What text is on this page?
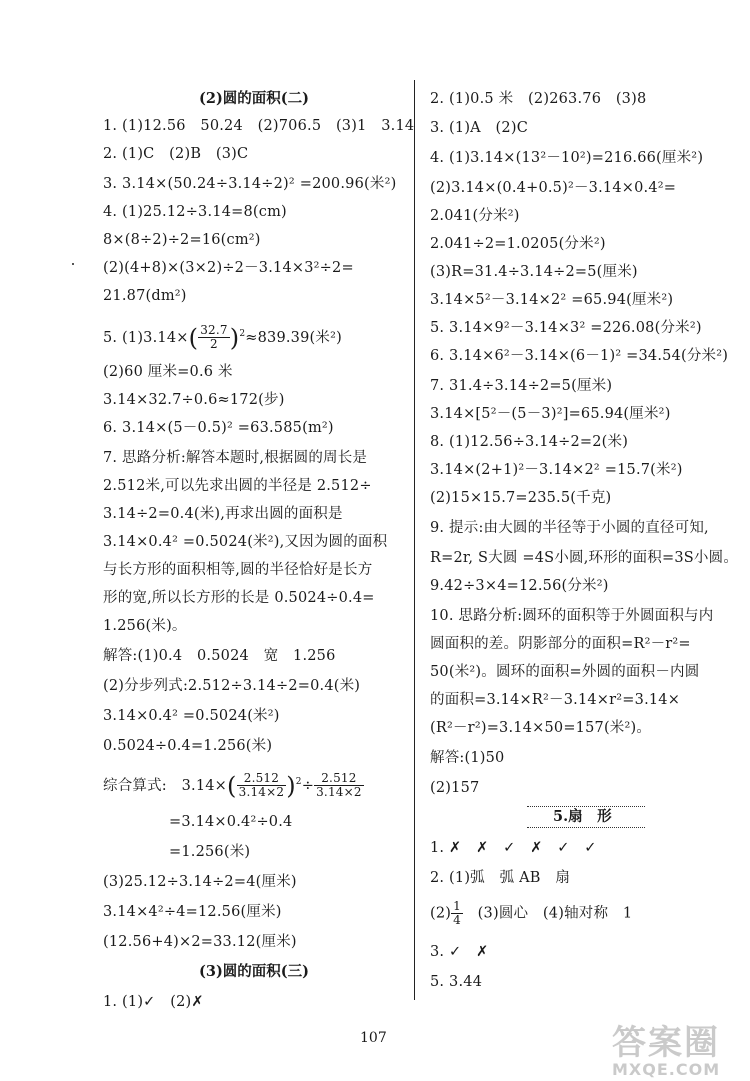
(2)圆的面积(二)
1. (1)12.56　50.24　(2)706.5　(3)1　3.14
2. (1)C　(2)B　(3)C
3. 3.14×(50.24÷3.14÷2)² =200.96(米²)
4. (1)25.12÷3.14=8(cm)
8×(8÷2)÷2=16(cm²)
(2)(4+8)×(3×2)÷2－3.14×3²÷2=
21.87(dm²)
5. $(1)3.14\times( \frac{32.7}{2} )^2\approx 839.39$(米²)
(2)60 厘米=0.6 米
3.14×32.7÷0.6≈172(步)
6. 3.14×(5－0.5)² =63.585(m²)
7. 思路分析:解答本题时,根据圆的周长是
2.512米,可以先求出圆的半径是 2.512÷
3.14÷2=0.4(米),再求出圆的面积是
3.14×0.4² =0.5024(米²),又因为圆的面积
与长方形的面积相等,圆的半径恰好是长方
形的宽,所以长方形的长是 0.5024÷0.4=
1.256(米)。
解答:(1)0.4　0.5024　宽　1.256
(2)分步列式:2.512÷3.14÷2=0.4(米)
3.14×0.4² =0.5024(米²)
0.5024÷0.4=1.256(米)
综合算式:　$3.14\times( \frac{2.512}{3.14\times 2} )^2\div \frac{2.512}{3.14\times 2}$
=3.14×0.4²÷0.4
=1.256(米)
(3)25.12÷3.14÷2=4(厘米)
3.14×4²÷4=12.56(厘米)
(12.56+4)×2=33.12(厘米)
(3)圆的面积(三)
1. (1)✓　(2)✗
2. (1)0.5 米　(2)263.76　(3)8
3. (1)A　(2)C
4. (1)3.14×(13²－10²)=216.66(厘米²)
(2)3.14×(0.4+0.5)²－3.14×0.4²=
2.041(分米²)
2.041÷2=1.0205(分米²)
(3)R=31.4÷3.14÷2=5(厘米)
3.14×5²－3.14×2² =65.94(厘米²)
5. 3.14×9²－3.14×3² =226.08(分米²)
6. 3.14×6²－3.14×(6－1)² =34.54(分米²)
7. 31.4÷3.14÷2=5(厘米)
3.14×[5²－(5－3)²]=65.94(厘米²)
8. (1)12.56÷3.14÷2=2(米)
3.14×(2+1)²－3.14×2² =15.7(米²)
(2)15×15.7=235.5(千克)
9. 提示:由大圆的半径等于小圆的直径可知,
R=2r, S大圆 =4S小圆,环形的面积=3S小圆。
9.42÷3×4=12.56(分米²)
10. 思路分析:圆环的面积等于外圆面积与内
圆面积的差。阴影部分的面积=R²－r²=
50(米²)。圆环的面积=外圆的面积－内圆
的面积=3.14×R²－3.14×r²=3.14×
(R²－r²)=3.14×50=157(米²)。
解答:(1)50
(2)157
1. ✗　✗　✓　✗　✓　✓
2. (1)弧　弧 AB　扇
$(2) \frac{1}{4}$ 　(3)圆心　(4)轴对称　1
3. ✓　✗
5. 3.44
5.扇　形
107	答案圈
MXQE.COM
